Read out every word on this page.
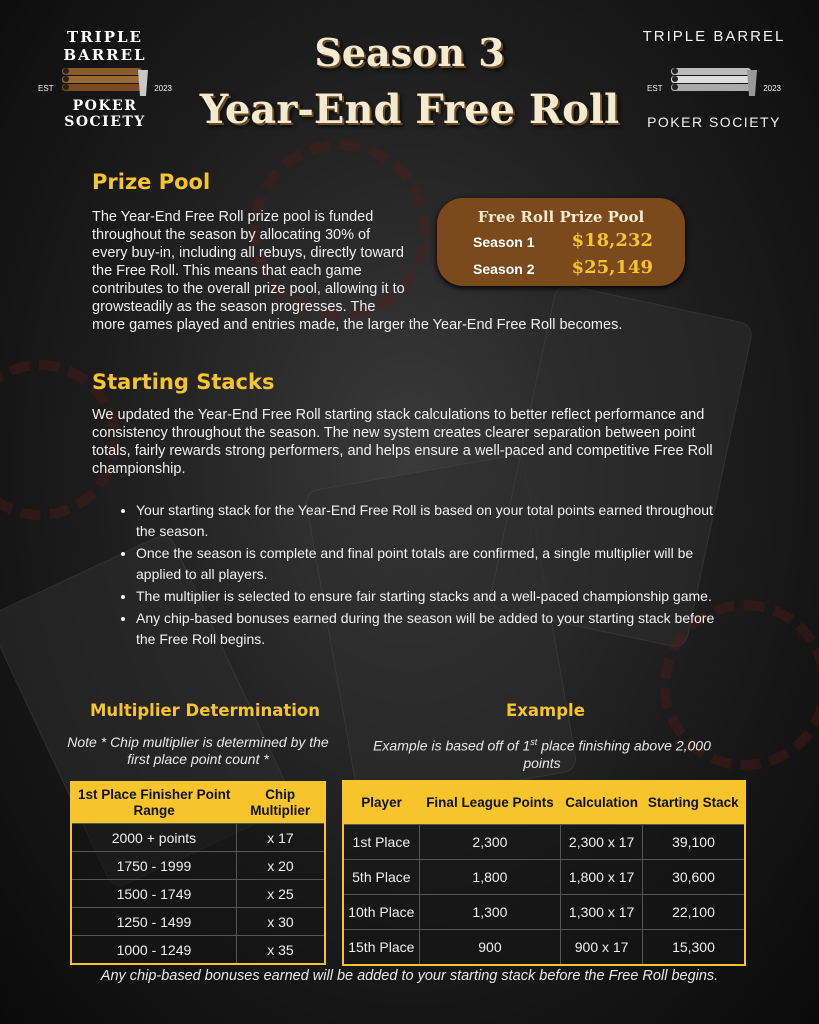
TRIPLE BARREL
EST	2023
POKER SOCIETY
TRIPLE BARREL
EST	2023
POKER SOCIETY
Season 3
Year-End Free Roll
Prize Pool
Free Roll Prize Pool
Season 1 $18,232
Season 2 $25,149
The Year-End Free Roll prize pool is funded throughout the season by allocating 30% of every buy-in, including all rebuys, directly toward the Free Roll. This means that each game contributes to the overall prize pool, allowing it to growsteadily as the season progresses. The more games played and entries made, the larger the Year-End Free Roll becomes.
Starting Stacks
We updated the Year-End Free Roll starting stack calculations to better reflect performance and consistency throughout the season. The new system creates clearer separation between point totals, fairly rewards strong performers, and helps ensure a well-paced and competitive Free Roll championship.
• Your starting stack for the Year-End Free Roll is based on your total points earned throughout the season.
• Once the season is complete and final point totals are confirmed, a single multiplier will be applied to all players.
• The multiplier is selected to ensure fair starting stacks and a well-paced championship game.
• Any chip-based bonuses earned during the season will be added to your starting stack before the Free Roll begins.
Multiplier Determination
Note * Chip multiplier is determined by the first place point count *
1st Place Finisher Point Range	Chip Multiplier
2000 + points	x 17
1750 - 1999	x 20
1500 - 1749	x 25
1250 - 1499	x 30
1000 - 1249	x 35
Example
Example is based off of 1st place finishing above 2,000 points
Player	Final League Points	Calculation	Starting Stack
1st Place	2,300	2,300 x 17	39,100
5th Place	1,800	1,800 x 17	30,600
10th Place	1,300	1,300 x 17	22,100
15th Place	900	900 x 17	15,300
Any chip-based bonuses earned will be added to your starting stack before the Free Roll begins.
